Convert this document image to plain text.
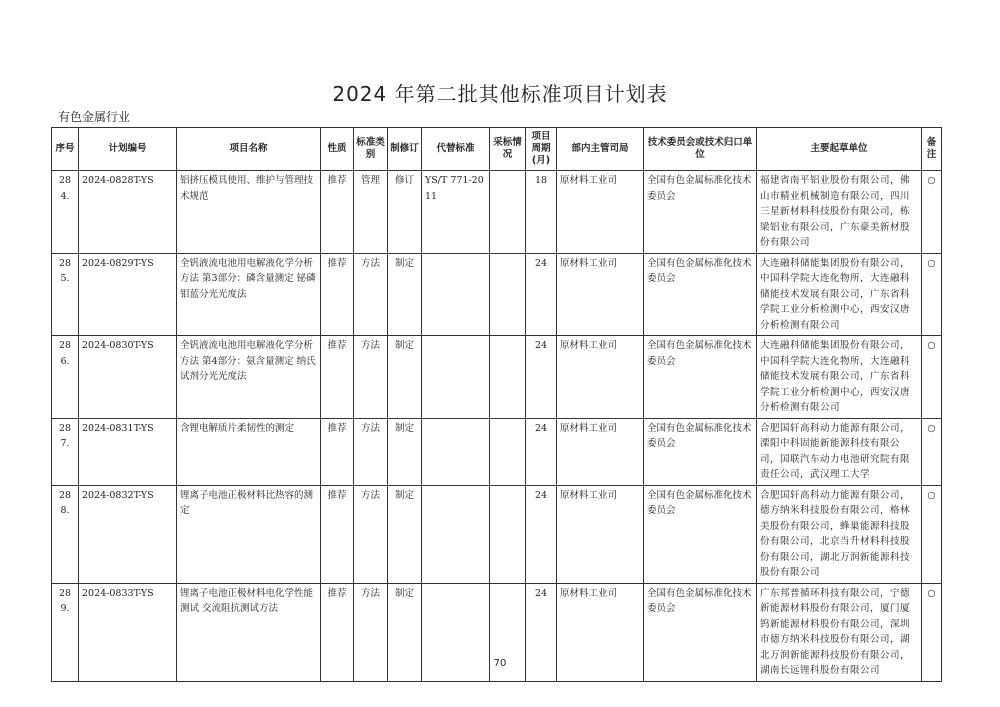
2024 年第二批其他标准项目计划表
有色金属行业
序号	计划编号	项目名称	性质	标准类别	制修订	代替标准	采标情况	项目周期(月)	部内主管司局	技术委员会或技术归口单位	主要起草单位	备注
284.	2024-0828T-YS	铝挤压模具使用、维护与管理技术规范	推荐	管理	修订	YS/T 771-2011		18	原材料工业司	全国有色金属标准化技术委员会	福建省南平铝业股份有限公司，佛山市精业机械制造有限公司，四川三星新材料科技股份有限公司，栋梁铝业有限公司，广东豪美新材股份有限公司	○
285.	2024-0829T-YS	全钒液流电池用电解液化学分析方法 第3部分：磷含量测定 铋磷钼蓝分光光度法	推荐	方法	制定			24	原材料工业司	全国有色金属标准化技术委员会	大连融科储能集团股份有限公司，中国科学院大连化物所，大连融科储能技术发展有限公司，广东省科学院工业分析检测中心，西安汉唐分析检测有限公司	○
286.	2024-0830T-YS	全钒液流电池用电解液化学分析方法 第4部分：氨含量测定 纳氏试剂分光光度法	推荐	方法	制定			24	原材料工业司	全国有色金属标准化技术委员会	大连融科储能集团股份有限公司，中国科学院大连化物所，大连融科储能技术发展有限公司，广东省科学院工业分析检测中心，西安汉唐分析检测有限公司	○
287.	2024-0831T-YS	含锂电解质片柔韧性的测定	推荐	方法	制定			24	原材料工业司	全国有色金属标准化技术委员会	合肥国轩高科动力能源有限公司，溧阳中科固能新能源科技有限公司，国联汽车动力电池研究院有限责任公司，武汉理工大学	○
288.	2024-0832T-YS	锂离子电池正极材料比热容的测定	推荐	方法	制定			24	原材料工业司	全国有色金属标准化技术委员会	合肥国轩高科动力能源有限公司，德方纳米科技股份有限公司，格林美股份有限公司，蜂巢能源科技股份有限公司，北京当升材料科技股份有限公司，湖北万润新能源科技股份有限公司	○
289.	2024-0833T-YS	锂离子电池正极材料电化学性能测试 交流阻抗测试方法	推荐	方法	制定			24	原材料工业司	全国有色金属标准化技术委员会	广东邦普循环科技有限公司，宁德新能源材料股份有限公司，厦门厦钨新能源材料股份有限公司，深圳市德方纳米科技股份有限公司，湖北万润新能源科技股份有限公司，湖南长远锂科股份有限公司	○
70
